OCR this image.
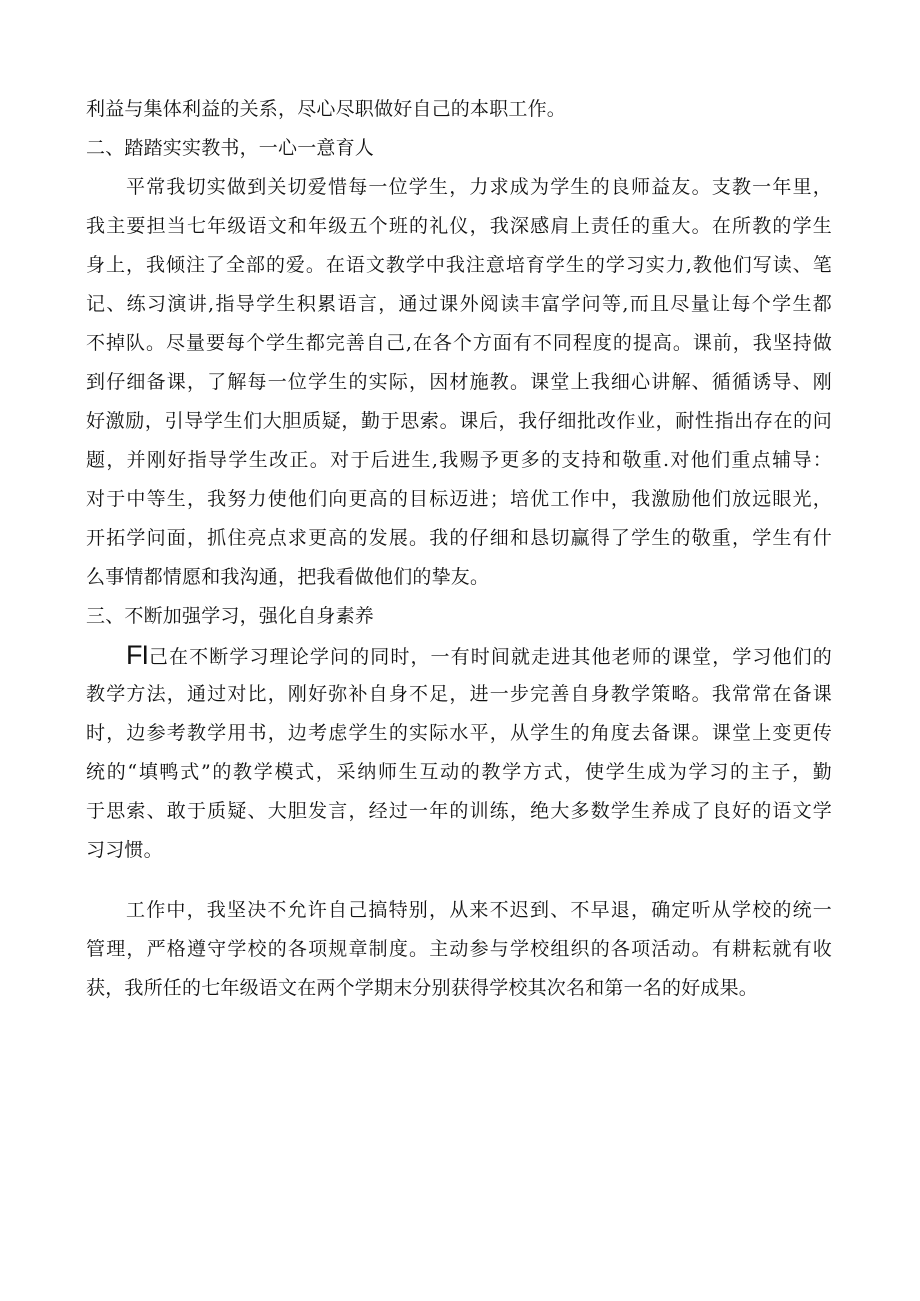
利益与集体利益的关系，尽心尽职做好自己的本职工作。
二、踏踏实实教书，一心一意育人
平常我切实做到关切爱惜每一位学生，力求成为学生的良师益友。支教一年里，
我主要担当七年级语文和年级五个班的礼仪，我深感肩上责任的重大。在所教的学生
身上，我倾注了全部的爱。在语文教学中我注意培育学生的学习实力,教他们写读、笔
记、练习演讲,指导学生积累语言，通过课外阅读丰富学问等,而且尽量让每个学生都
不掉队。尽量要每个学生都完善自己,在各个方面有不同程度的提高。课前，我坚持做
到仔细备课，了解每一位学生的实际，因材施教。课堂上我细心讲解、循循诱导、刚
好激励，引导学生们大胆质疑，勤于思索。课后，我仔细批改作业，耐性指出存在的问
题，并刚好指导学生改正。对于后进生,我赐予更多的支持和敬重.对他们重点辅导：
对于中等生，我努力使他们向更高的目标迈进；培优工作中，我激励他们放远眼光，
开拓学问面，抓住亮点求更高的发展。我的仔细和恳切赢得了学生的敬重，学生有什
么事情都情愿和我沟通，把我看做他们的挚友。
三、不断加强学习，强化自身素养
FI己在不断学习理论学问的同时，一有时间就走进其他老师的课堂，学习他们的
教学方法，通过对比，刚好弥补自身不足，进一步完善自身教学策略。我常常在备课
时，边参考教学用书，边考虑学生的实际水平，从学生的角度去备课。课堂上变更传
统的“填鸭式”的教学模式，采纳师生互动的教学方式，使学生成为学习的主子，勤
于思索、敢于质疑、大胆发言，经过一年的训练，绝大多数学生养成了良好的语文学
习习惯。
工作中，我坚决不允许自己搞特别，从来不迟到、不早退，确定听从学校的统一
管理，严格遵守学校的各项规章制度。主动参与学校组织的各项活动。有耕耘就有收
获，我所任的七年级语文在两个学期末分别获得学校其次名和第一名的好成果。
